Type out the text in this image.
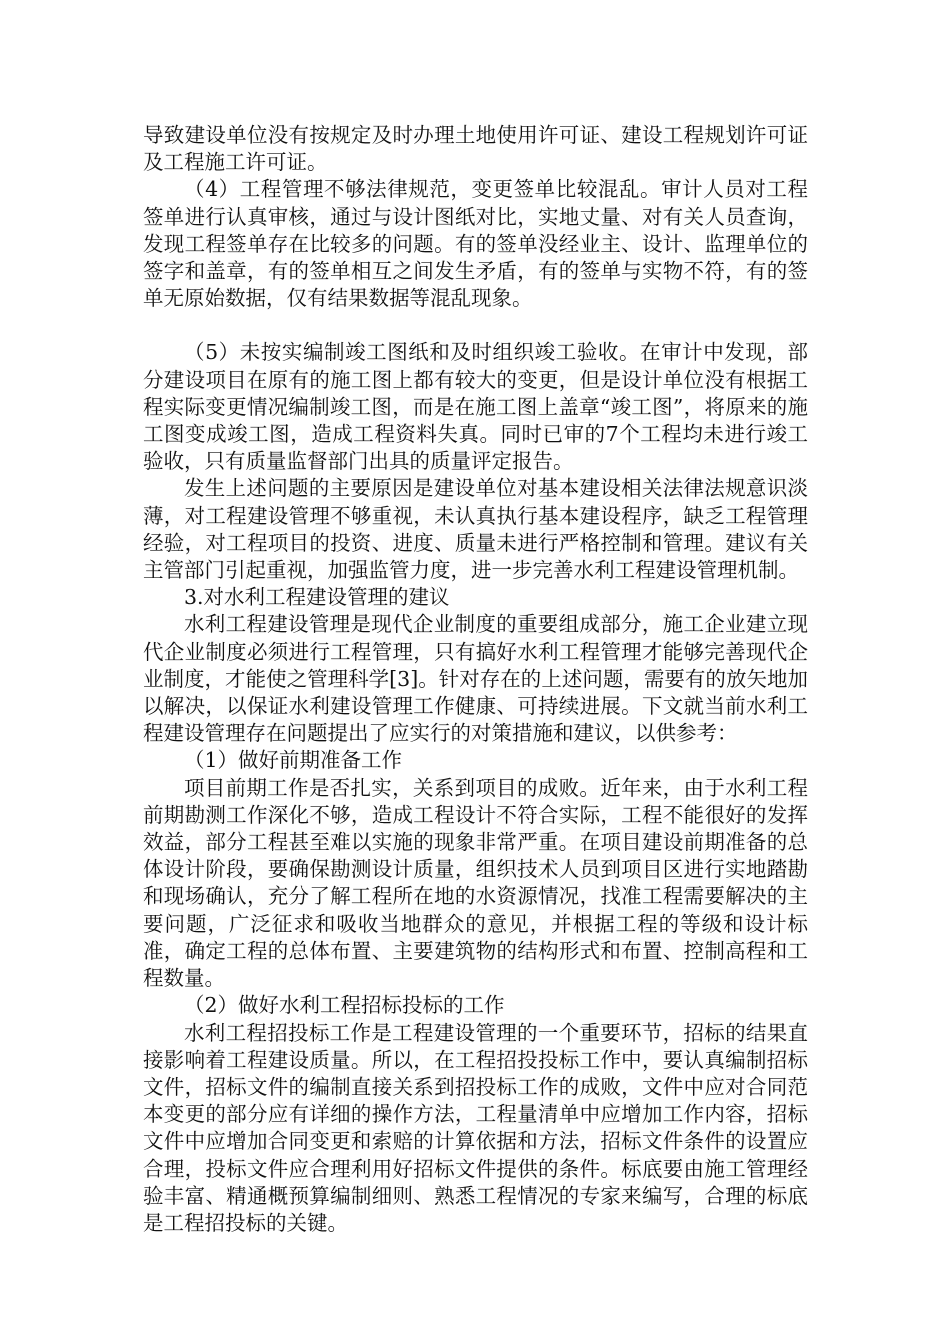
导致建设单位没有按规定及时办理土地使用许可证、建设工程规划许可证及工程施工许可证。

（4）工程管理不够法律规范，变更签单比较混乱。审计人员对工程签单进行认真审核，通过与设计图纸对比，实地丈量、对有关人员查询，发现工程签单存在比较多的问题。有的签单没经业主、设计、监理单位的签字和盖章，有的签单相互之间发生矛盾，有的签单与实物不符，有的签单无原始数据，仅有结果数据等混乱现象。

（5）未按实编制竣工图纸和及时组织竣工验收。在审计中发现，部分建设项目在原有的施工图上都有较大的变更，但是设计单位没有根据工程实际变更情况编制竣工图，而是在施工图上盖章“竣工图”，将原来的施工图变成竣工图，造成工程资料失真。同时已审的7个工程均未进行竣工验收，只有质量监督部门出具的质量评定报告。

发生上述问题的主要原因是建设单位对基本建设相关法律法规意识淡薄，对工程建设管理不够重视，未认真执行基本建设程序，缺乏工程管理经验，对工程项目的投资、进度、质量未进行严格控制和管理。建议有关主管部门引起重视，加强监管力度，进一步完善水利工程建设管理机制。

3.对水利工程建设管理的建议

水利工程建设管理是现代企业制度的重要组成部分，施工企业建立现代企业制度必须进行工程管理，只有搞好水利工程管理才能够完善现代企业制度，才能使之管理科学[3]。针对存在的上述问题，需要有的放矢地加以解决，以保证水利建设管理工作健康、可持续进展。下文就当前水利工程建设管理存在问题提出了应实行的对策措施和建议，以供参考：

（1）做好前期准备工作

项目前期工作是否扎实，关系到项目的成败。近年来，由于水利工程前期勘测工作深化不够，造成工程设计不符合实际，工程不能很好的发挥效益，部分工程甚至难以实施的现象非常严重。在项目建设前期准备的总体设计阶段，要确保勘测设计质量，组织技术人员到项目区进行实地踏勘和现场确认，充分了解工程所在地的水资源情况，找准工程需要解决的主要问题，广泛征求和吸收当地群众的意见，并根据工程的等级和设计标准，确定工程的总体布置、主要建筑物的结构形式和布置、控制高程和工程数量。

（2）做好水利工程招标投标的工作

水利工程招投标工作是工程建设管理的一个重要环节，招标的结果直接影响着工程建设质量。所以，在工程招投投标工作中，要认真编制招标文件，招标文件的编制直接关系到招投标工作的成败，文件中应对合同范本变更的部分应有详细的操作方法，工程量清单中应增加工作内容，招标文件中应增加合同变更和索赔的计算依据和方法，招标文件条件的设置应合理，投标文件应合理利用好招标文件提供的条件。标底要由施工管理经验丰富、精通概预算编制细则、熟悉工程情况的专家来编写，合理的标底是工程招投标的关键。
